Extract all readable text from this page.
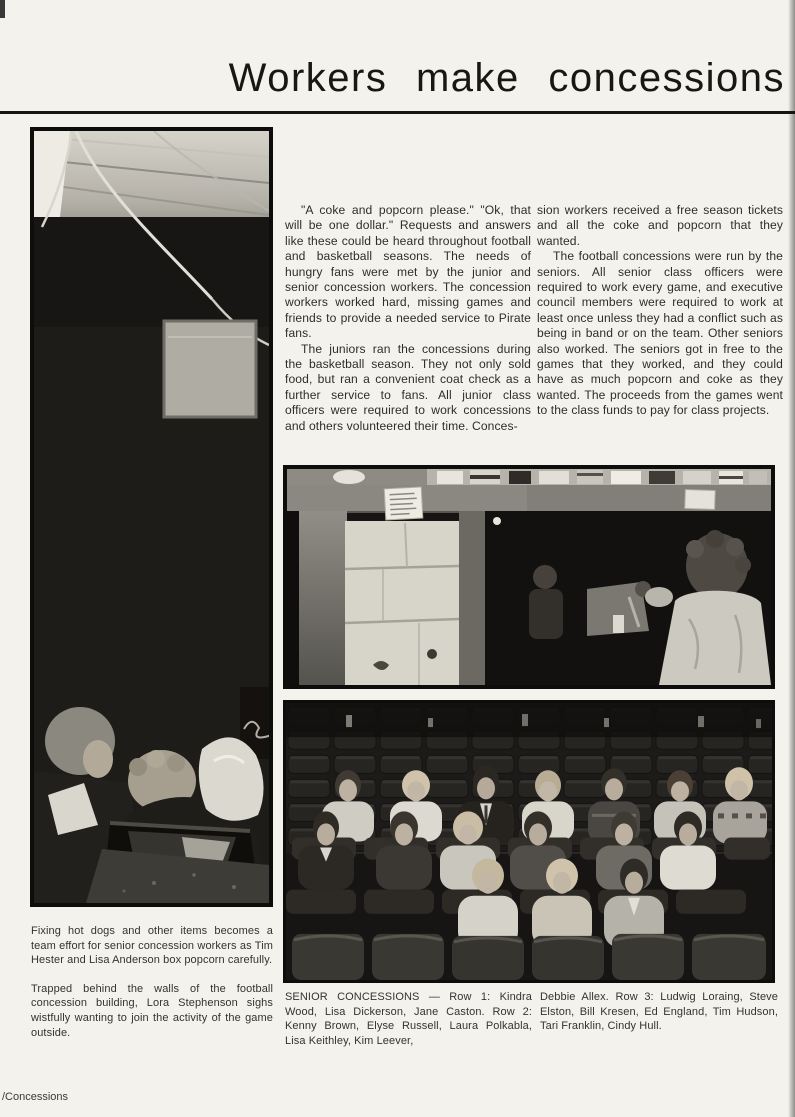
Workers make concessions

"A coke and popcorn please." "Ok, that will be one dollar." Requests and answers like these could be heard throughout football and basketball seasons. The needs of hungry fans were met by the junior and senior concession workers. The concession workers worked hard, missing games and friends to provide a needed service to Pirate fans.

The juniors ran the concessions during the basketball season. They not only sold food, but ran a convenient coat check as a further service to fans. All junior class officers were required to work concessions and others volunteered their time. Conces-

sion workers received a free season tickets and all the coke and popcorn that they wanted.

The football concessions were run by the seniors. All senior class officers were required to work every game, and executive council members were required to work at least once unless they had a conflict such as being in band or on the team. Other seniors also worked. The seniors got in free to the games that they worked, and they could have as much popcorn and coke as they wanted. The proceeds from the games went to the class funds to pay for class projects.

Fixing hot dogs and other items becomes a team effort for senior concession workers as Tim Hester and Lisa Anderson box popcorn carefully.

Trapped behind the walls of the football concession building, Lora Stephenson sighs wistfully wanting to join the activity of the game outside.

SENIOR CONCESSIONS — Row 1: Kindra Wood, Lisa Dickerson, Jane Caston. Row 2: Kenny Brown, Elyse Russell, Laura Polkabla, Lisa Keithley, Kim Leever,
Debbie Allex. Row 3: Ludwig Loraing, Steve Elston, Bill Kresen, Ed England, Tim Hudson, Tari Franklin, Cindy Hull.
/Concessions
